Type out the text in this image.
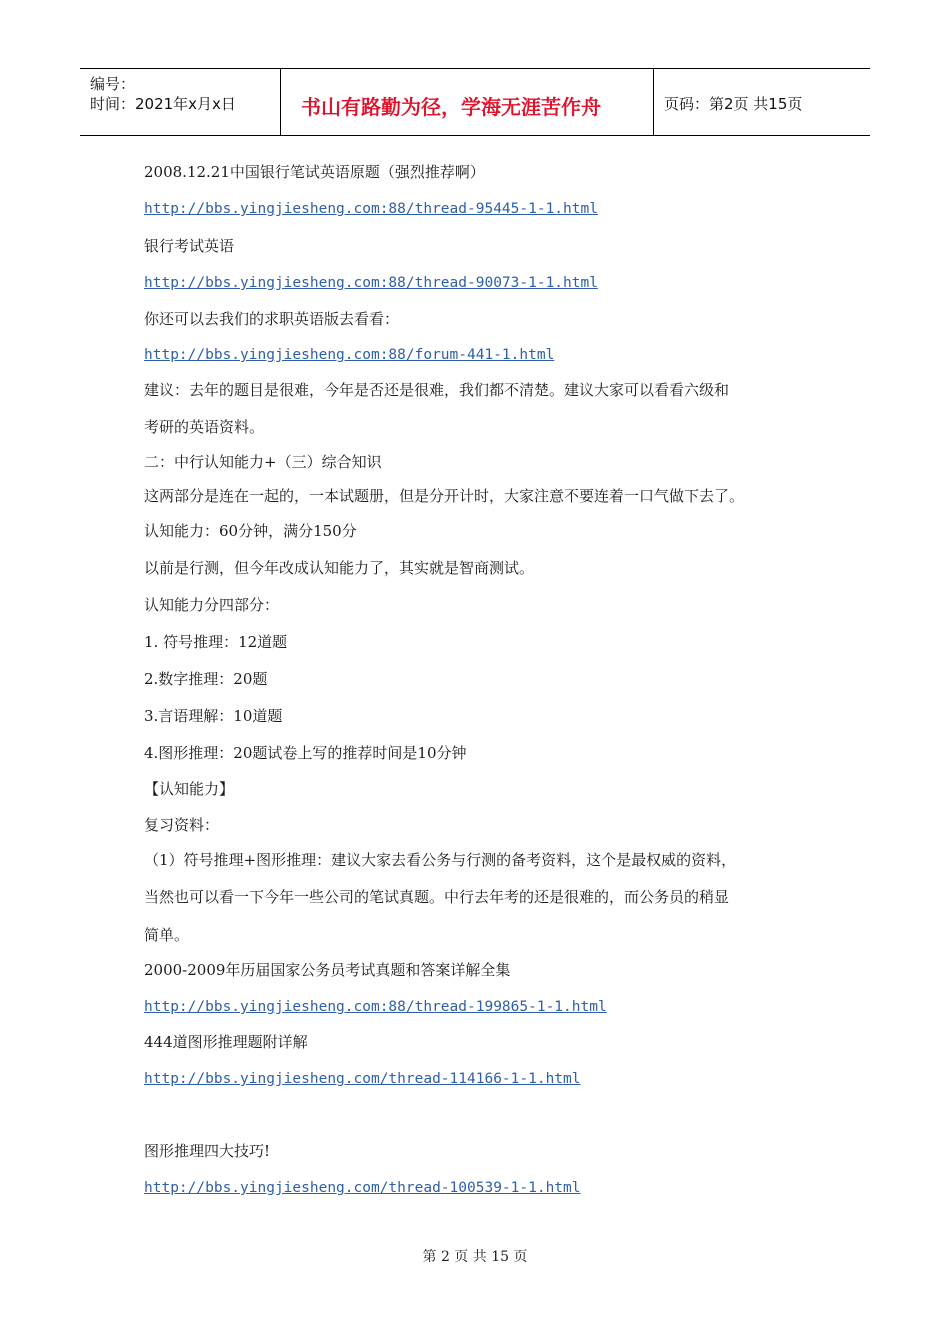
编号：
时间：2021年x月x日	书山有路勤为径，学海无涯苦作舟	页码：第2页 共15页
2008.12.21中国银行笔试英语原题（强烈推荐啊）
http://bbs.yingjiesheng.com:88/thread-95445-1-1.html
银行考试英语
http://bbs.yingjiesheng.com:88/thread-90073-1-1.html
你还可以去我们的求职英语版去看看：
http://bbs.yingjiesheng.com:88/forum-441-1.html
建议：去年的题目是很难，今年是否还是很难，我们都不清楚。建议大家可以看看六级和
考研的英语资料。
二：中行认知能力+（三）综合知识
这两部分是连在一起的，一本试题册，但是分开计时，大家注意不要连着一口气做下去了。
认知能力：60分钟，满分150分
以前是行测，但今年改成认知能力了，其实就是智商测试。
认知能力分四部分：
1. 符号推理：12道题
2.数字推理：20题
3.言语理解：10道题
4.图形推理：20题试卷上写的推荐时间是10分钟
【认知能力】
复习资料：
（1）符号推理+图形推理：建议大家去看公务与行测的备考资料，这个是最权威的资料，
当然也可以看一下今年一些公司的笔试真题。中行去年考的还是很难的，而公务员的稍显
简单。
2000-2009年历届国家公务员考试真题和答案详解全集
http://bbs.yingjiesheng.com:88/thread-199865-1-1.html
444道图形推理题附详解
http://bbs.yingjiesheng.com/thread-114166-1-1.html
图形推理四大技巧!
http://bbs.yingjiesheng.com/thread-100539-1-1.html
第 2 页 共 15 页
